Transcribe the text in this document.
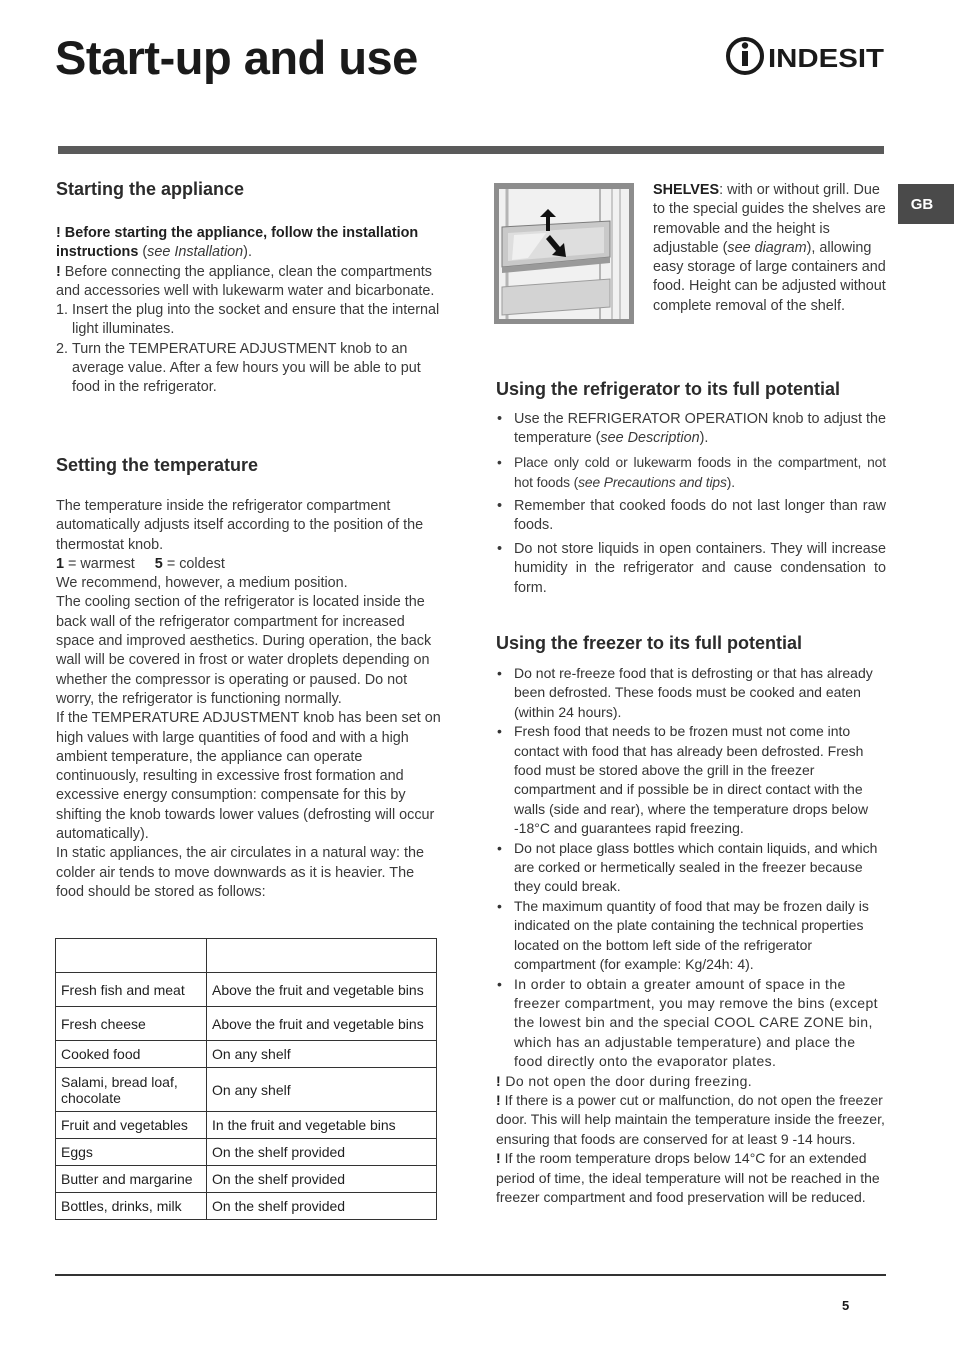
Start-up and use	INDESIT
GB
Starting the appliance

! Before starting the appliance, follow the installation instructions (see Installation).

! Before connecting the appliance, clean the compartments and accessories well with lukewarm water and bicarbonate.

1. Insert the plug into the socket and ensure that the internal light illuminates.
2. Turn the TEMPERATURE ADJUSTMENT knob to an average value. After a few hours you will be able to put food in the refrigerator.
Setting the temperature

The temperature inside the refrigerator compartment automatically adjusts itself according to the position of the thermostat knob.

1 = warmest 5 = coldest

We recommend, however, a medium position.

The cooling section of the refrigerator is located inside the back wall of the refrigerator compartment for increased space and improved aesthetics. During operation, the back wall will be covered in frost or water droplets depending on whether the compressor is operating or paused. Do not worry, the refrigerator is functioning normally.

If the TEMPERATURE ADJUSTMENT knob has been set on high values with large quantities of food and with a high ambient temperature, the appliance can operate continuously, resulting in excessive frost formation and excessive energy consumption: compensate for this by shifting the knob towards lower values (defrosting will occur automatically).

In static appliances, the air circulates in a natural way: the colder air tends to move downwards as it is heavier. The food should be stored as follows:

Fresh fish and meat	Above the fruit and vegetable bins
Fresh cheese	Above the fruit and vegetable bins
Cooked food	On any shelf
Salami, bread loaf, chocolate	On any shelf
Fruit and vegetables	In the fruit and vegetable bins
Eggs	On the shelf provided
Butter and margarine	On the shelf provided
Bottles, drinks, milk	On the shelf provided

SHELVES: with or without grill. Due to the special guides the shelves are removable and the height is adjustable (see diagram), allowing easy storage of large containers and food. Height can be adjusted without complete removal of the shelf.

Using the refrigerator to its full potential
• Use the REFRIGERATOR OPERATION knob to adjust the temperature (see Description).
• Place only cold or lukewarm foods in the compartment, not hot foods (see Precautions and tips).
• Remember that cooked foods do not last longer than raw foods.
• Do not store liquids in open containers. They will increase humidity in the refrigerator and cause condensation to form.
Using the freezer to its full potential
• Do not re-freeze food that is defrosting or that has already been defrosted. These foods must be cooked and eaten (within 24 hours).
• Fresh food that needs to be frozen must not come into contact with food that has already been defrosted. Fresh food must be stored above the grill in the freezer compartment and if possible be in direct contact with the walls (side and rear), where the temperature drops below -18°C and guarantees rapid freezing.
• Do not place glass bottles which contain liquids, and which are corked or hermetically sealed in the freezer because they could break.
• The maximum quantity of food that may be frozen daily is indicated on the plate containing the technical properties located on the bottom left side of the refrigerator compartment (for example: Kg/24h: 4).
• In order to obtain a greater amount of space in the freezer compartment, you may remove the bins (except the lowest bin and the special COOL CARE ZONE bin, which has an adjustable temperature) and place the food directly onto the evaporator plates.

! Do not open the door during freezing.

! If there is a power cut or malfunction, do not open the freezer door. This will help maintain the temperature inside the freezer, ensuring that foods are conserved for at least 9 -14 hours.

! If the room temperature drops below 14°C for an extended period of time, the ideal temperature will not be reached in the freezer compartment and food preservation will be reduced.

5
